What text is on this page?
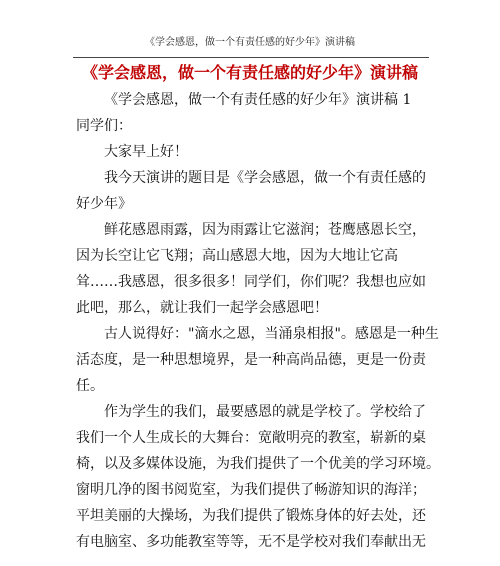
《学会感恩，做一个有责任感的好少年》演讲稿
《学会感恩，做一个有责任感的好少年》演讲稿

《学会感恩，做一个有责任感的好少年》演讲稿 1

同学们：

大家早上好！

我今天演讲的题目是《学会感恩，做一个有责任感的

好少年》

鲜花感恩雨露，因为雨露让它滋润；苍鹰感恩长空，

因为长空让它飞翔；高山感恩大地，因为大地让它高

耸……我感恩，很多很多！同学们，你们呢？我想也应如

此吧，那么，就让我们一起学会感恩吧！

古人说得好："滴水之恩，当涌泉相报"。感恩是一种生

活态度，是一种思想境界，是一种高尚品德，更是一份责

任。

作为学生的我们，最要感恩的就是学校了。学校给了

我们一个人生成长的大舞台：宽敞明亮的教室，崭新的桌

椅，以及多媒体设施，为我们提供了一个优美的学习环境。

窗明几净的图书阅览室，为我们提供了畅游知识的海洋；

平坦美丽的大操场，为我们提供了锻炼身体的好去处，还

有电脑室、多功能教室等等，无不是学校对我们奉献出无
